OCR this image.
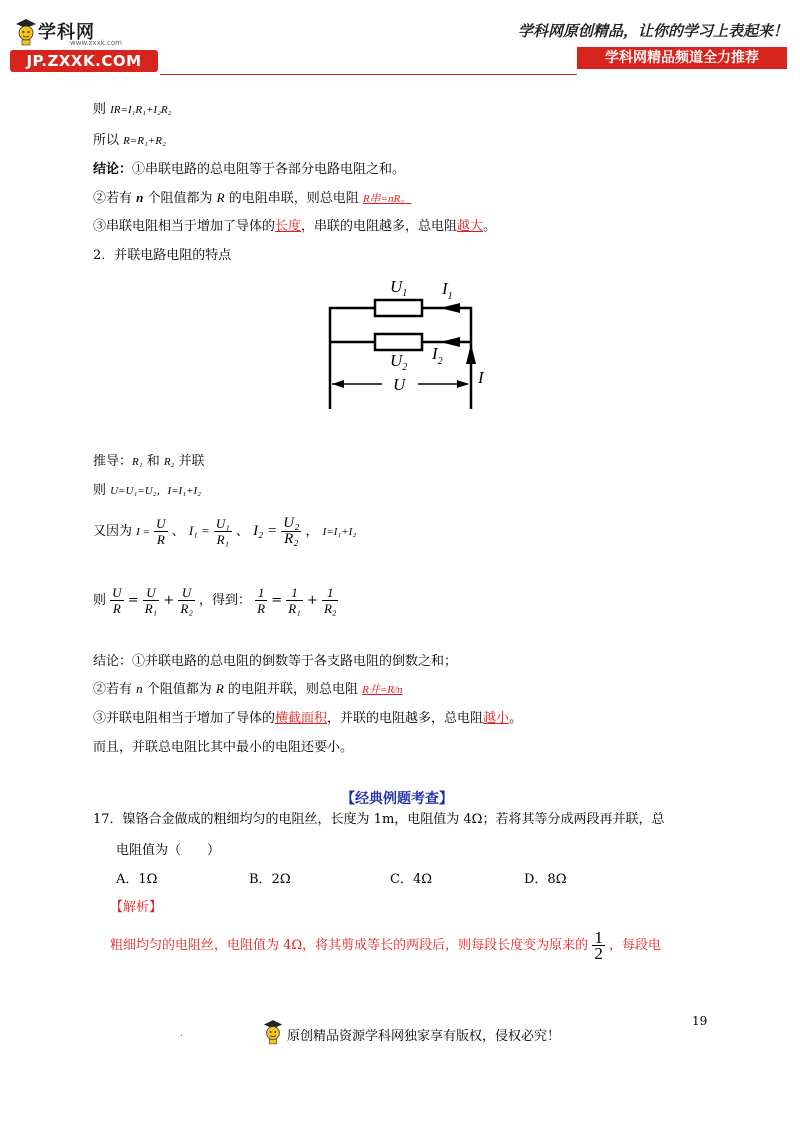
学科网
www.zxxk.com
JP.ZXXK.COM
学科网原创精品，让你的学习上表起来！
学科网精品频道全力推荐
则 IR=I₁R₁+I₂R₂
所以 R=R₁+R₂
结论：①串联电路的总电阻等于各部分电路电阻之和。
②若有 n 个阻值都为 R 的电阻串联，则总电阻 R串=nR。
③串联电阻相当于增加了导体的长度，串联的电阻越多，总电阻越大。
2．并联电路电阻的特点
$U_1$ $I_1$
$U_2$
$I_2$
I
U
推导：R₁ 和 R₂ 并联
则 U=U₁=U₂，I=I₁+I₂
又因为 $I = \frac{U}{R}$ 、 $I_1 = \frac{\text{U₁}}{\text{R₁}}$ 、 $I_2 = \frac{\text{U₂}}{\text{R₂}}$ ， I=I₁+I₂
则 $\frac{U}{R} = \frac{U}{\text{R₁}} + \frac{U}{\text{R₂}}$ ，得到： $\frac{1}{R} = \frac{1}{\text{R₁}} + \frac{1}{\text{R₂}}$
结论：①并联电路的总电阻的倒数等于各支路电阻的倒数之和；
②若有 n 个阻值都为 R 的电阻并联，则总电阻 R并=R/n
③并联电阻相当于增加了导体的横截面积，并联的电阻越多，总电阻越小。
而且，并联总电阻比其中最小的电阻还要小。
【经典例题考查】
17．镍铬合金做成的粗细均匀的电阻丝，长度为 1m，电阻值为 4Ω；若将其等分成两段再并联，总
电阻值为（　　）
A．1Ω	B．2Ω	C．4Ω	D．8Ω
【解析】
粗细均匀的电阻丝，电阻值为 4Ω，将其剪成等长的两段后，则每段长度变为原来的 $\frac{1}{2}$ ，每段电
19
.	原创精品资源学科网独家享有版权，侵权必究！
